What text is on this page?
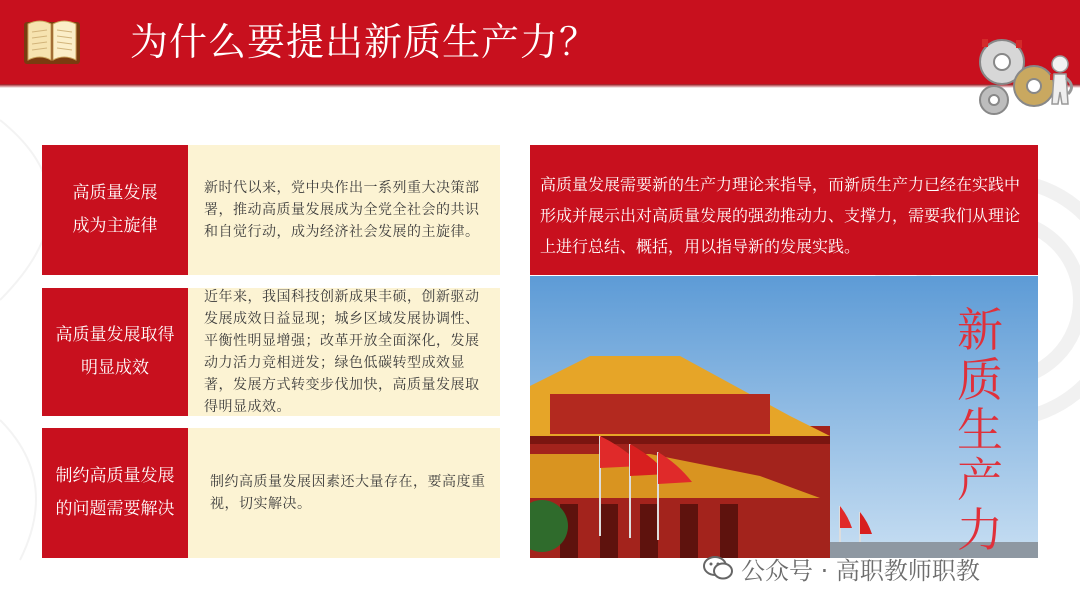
为什么要提出新质生产力？
高质量发展
成为主旋律
新时代以来，党中央作出一系列重大决策部署，推动高质量发展成为全党全社会的共识和自觉行动，成为经济社会发展的主旋律。
高质量发展取得
明显成效
近年来，我国科技创新成果丰硕，创新驱动发展成效日益显现；城乡区域发展协调性、平衡性明显增强；改革开放全面深化，发展动力活力竞相迸发；绿色低碳转型成效显著，发展方式转变步伐加快，高质量发展取得明显成效。
制约高质量发展
的问题需要解决
制约高质量发展因素还大量存在，要高度重视，切实解决。
高质量发展需要新的生产力理论来指导，而新质生产力已经在实践中形成并展示出对高质量发展的强劲推动力、支撑力，需要我们从理论上进行总结、概括，用以指导新的发展实践。
新
质
生
产
力
公众号 · 高职教师职教
